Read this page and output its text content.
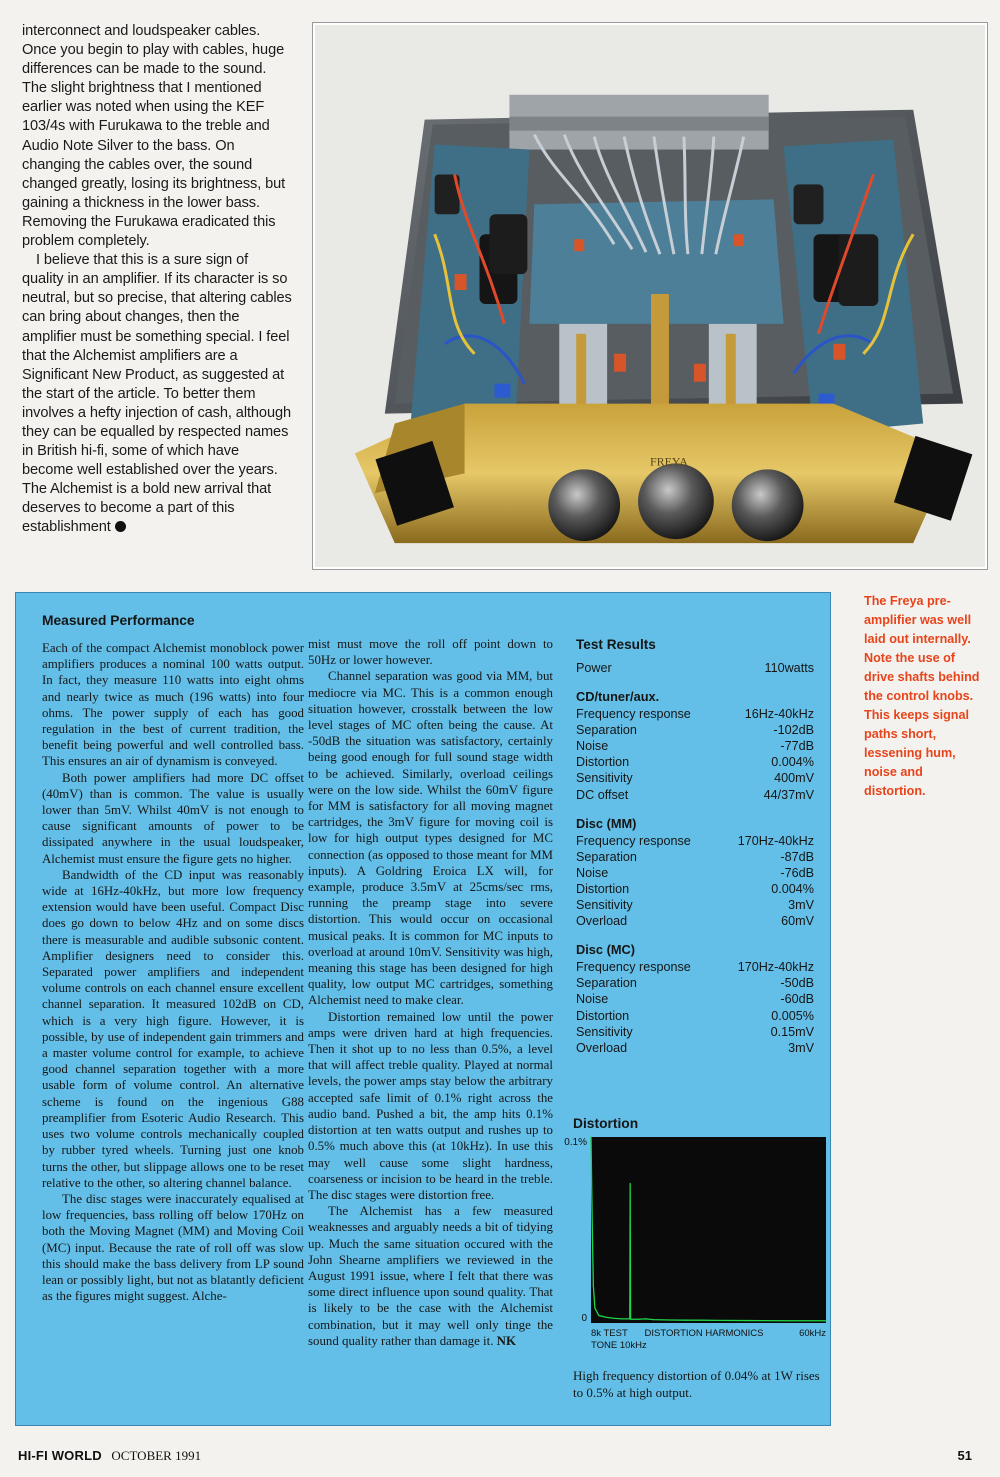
interconnect and loudspeaker cables. Once you begin to play with cables, huge differences can be made to the sound. The slight brightness that I mentioned earlier was noted when using the KEF 103/4s with Furukawa to the treble and Audio Note Silver to the bass. On changing the cables over, the sound changed greatly, losing its brightness, but gaining a thickness in the lower bass. Removing the Furukawa eradicated this problem completely.

I believe that this is a sure sign of quality in an amplifier. If its character is so neutral, but so precise, that altering cables can bring about changes, then the amplifier must be something special. I feel that the Alchemist amplifiers are a Significant New Product, as suggested at the start of the article. To better them involves a hefty injection of cash, although they can be equalled by respected names in British hi-fi, some of which have become well established over the years. The Alchemist is a bold new arrival that deserves to become a part of this establishment

FREYA
The Freya pre-amplifier was well laid out internally. Note the use of drive shafts behind the control knobs. This keeps signal paths short, lessening hum, noise and distortion.
Measured Performance

Each of the compact Alchemist monoblock power amplifiers produces a nominal 100 watts output. In fact, they measure 110 watts into eight ohms and nearly twice as much (196 watts) into four ohms. The power supply of each has good regulation in the best of current tradition, the benefit being powerful and well controlled bass. This ensures an air of dynamism is conveyed.

Both power amplifiers had more DC offset (40mV) than is common. The value is usually lower than 5mV. Whilst 40mV is not enough to cause significant amounts of power to be dissipated anywhere in the usual loudspeaker, Alchemist must ensure the figure gets no higher.

Bandwidth of the CD input was reasonably wide at 16Hz-40kHz, but more low frequency extension would have been useful. Compact Disc does go down to below 4Hz and on some discs there is measurable and audible subsonic content. Amplifier designers need to consider this. Separated power amplifiers and independent volume controls on each channel ensure excellent channel separation. It measured 102dB on CD, which is a very high figure. However, it is possible, by use of independent gain trimmers and a master volume control for example, to achieve good channel separation together with a more usable form of volume control. An alternative scheme is found on the ingenious G88 preamplifier from Esoteric Audio Research. This uses two volume controls mechanically coupled by rubber tyred wheels. Turning just one knob turns the other, but slippage allows one to be reset relative to the other, so altering channel balance.

The disc stages were inaccurately equalised at low frequencies, bass rolling off below 170Hz on both the Moving Magnet (MM) and Moving Coil (MC) input. Because the rate of roll off was slow this should make the bass delivery from LP sound lean or possibly light, but not as blatantly deficient as the figures might suggest. Alche-

mist must move the roll off point down to 50Hz or lower however.

Channel separation was good via MM, but mediocre via MC. This is a common enough situation however, crosstalk between the low level stages of MC often being the cause. At -50dB the situation was satisfactory, certainly being good enough for full sound stage width to be achieved. Similarly, overload ceilings were on the low side. Whilst the 60mV figure for MM is satisfactory for all moving magnet cartridges, the 3mV figure for moving coil is low for high output types designed for MC connection (as opposed to those meant for MM inputs). A Goldring Eroica LX will, for example, produce 3.5mV at 25cms/sec rms, running the preamp stage into severe distortion. This would occur on occasional musical peaks. It is common for MC inputs to overload at around 10mV. Sensitivity was high, meaning this stage has been designed for high quality, low output MC cartridges, something Alchemist need to make clear.

Distortion remained low until the power amps were driven hard at high frequencies. Then it shot up to no less than 0.5%, a level that will affect treble quality. Played at normal levels, the power amps stay below the arbitrary accepted safe limit of 0.1% right across the audio band. Pushed a bit, the amp hits 0.1% distortion at ten watts output and rushes up to 0.5% much above this (at 10kHz). In use this may well cause some slight hardness, coarseness or incision to be heard in the treble. The disc stages were distortion free.

The Alchemist has a few measured weaknesses and arguably needs a bit of tidying up. Much the same situation occured with the John Shearne amplifiers we reviewed in the August 1991 issue, where I felt that there was some direct influence upon sound quality. That is likely to be the case with the Alchemist combination, but it may well only tinge the sound quality rather than damage it. NK

Test Results
Power	110watts
CD/tuner/aux.
Frequency response	16Hz-40kHz
Separation	-102dB
Noise	-77dB
Distortion	0.004%
Sensitivity	400mV
DC offset	44/37mV
Disc (MM)
Frequency response	170Hz-40kHz
Separation	-87dB
Noise	-76dB
Distortion	0.004%
Sensitivity	3mV
Overload	60mV
Disc (MC)
Frequency response	170Hz-40kHz
Separation	-50dB
Noise	-60dB
Distortion	0.005%
Sensitivity	0.15mV
Overload	3mV
Distortion
0.1%
0
8k TEST TONE 10kHz
DISTORTION HARMONICS	60kHz
High frequency distortion of 0.04% at 1W rises to 0.5% at high output.
HI-FI WORLD OCTOBER 1991	51
